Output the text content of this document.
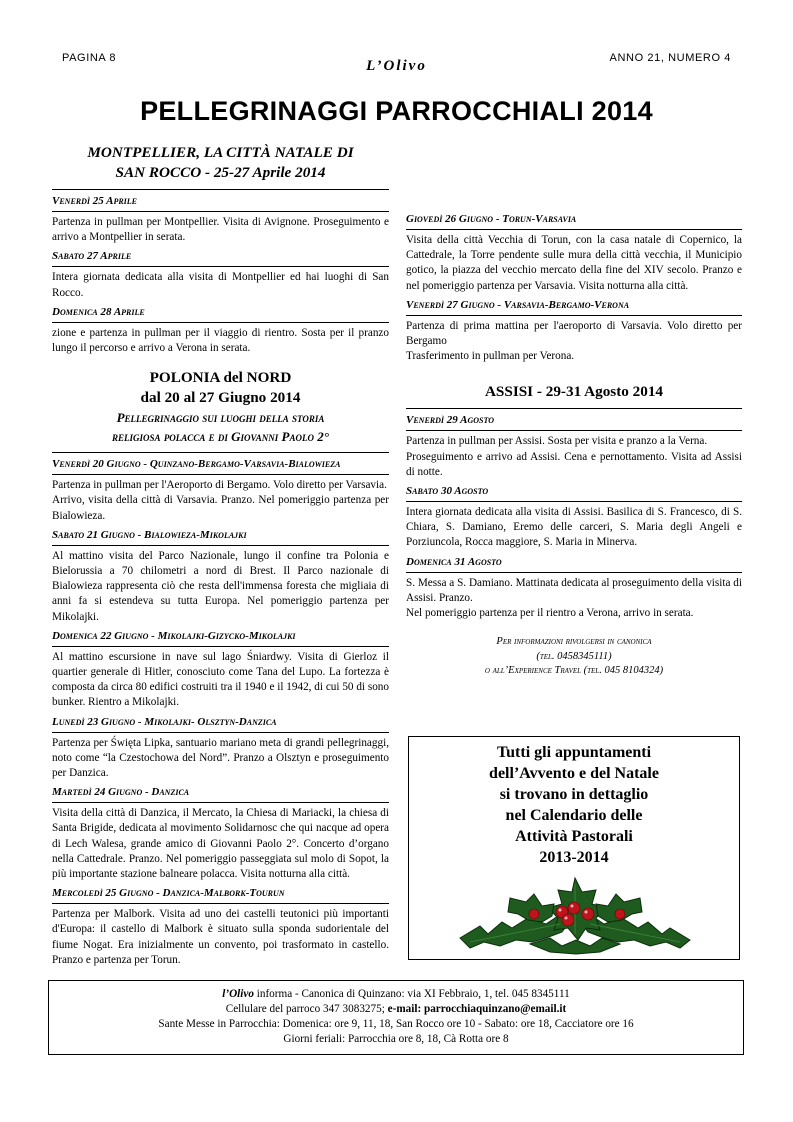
PAGINA 8	L’Olivo	ANNO 21, NUMERO 4
PELLEGRINAGGI PARROCCHIALI 2014
MONTPELLIER, LA CITTÀ NATALE DI
SAN ROCCO - 25-27 Aprile 2014
Venerdì 25 Aprile

Partenza in pullman per Montpellier. Visita di Avignone. Proseguimento e arrivo a Montpellier in serata.

Sabato 27 Aprile

Intera giornata dedicata alla visita di Montpellier ed hai luoghi di San Rocco.

Domenica 28 Aprile

zione e partenza in pullman per il viaggio di rientro. Sosta per il pranzo lungo il percorso e arrivo a Verona in serata.

POLONIA del NORD
dal 20 al 27 Giugno 2014
Pellegrinaggio sui luoghi della storia
religiosa polacca e di Giovanni Paolo 2°
Venerdì 20 Giugno - Quinzano-Bergamo-Varsavia-Bialowieza

Partenza in pullman per l'Aeroporto di Bergamo. Volo diretto per Varsavia.

Arrivo, visita della città di Varsavia. Pranzo. Nel pomeriggio partenza per Bialowieza.

Sabato 21 Giugno - Bialowieza-Mikolajki

Al mattino visita del Parco Nazionale, lungo il confine tra Polonia e Bielorussia a 70 chilometri a nord di Brest. Il Parco nazionale di Bialowieza rappresenta ciò che resta dell'immensa foresta che migliaia di anni fa si estendeva su tutta Europa. Nel pomeriggio partenza per Mikolajki.

Domenica 22 Giugno - Mikolajki-Gizycko-Mikolajki

Al mattino escursione in nave sul lago Śniardwy. Visita di Gierloz il quartier generale di Hitler, conosciuto come Tana del Lupo. La fortezza è composta da circa 80 edifici costruiti tra il 1940 e il 1942, di cui 50 di sono bunker. Rientro a Mikolajki.

Lunedì 23 Giugno - Mikolajki- Olsztyn-Danzica

Partenza per Święta Lipka, santuario mariano meta di grandi pellegrinaggi, noto come “la Czestochowa del Nord”. Pranzo a Olsztyn e proseguimento per Danzica.

Martedì 24 Giugno - Danzica

Visita della città di Danzica, il Mercato, la Chiesa di Mariacki, la chiesa di Santa Brigide, dedicata al movimento Solidarnosc che qui nacque ad opera di Lech Walesa, grande amico di Giovanni Paolo 2°. Concerto d’organo nella Cattedrale. Pranzo. Nel pomeriggio passeggiata sul molo di Sopot, la più importante stazione balneare polacca. Visita notturna alla città.

Mercoledì 25 Giugno - Danzica-Malbork-Tourun

Partenza per Malbork. Visita ad uno dei castelli teutonici più importanti d'Europa: il castello di Malbork è situato sulla sponda sudorientale del fiume Nogat. Era inizialmente un convento, poi trasformato in castello. Pranzo e partenza per Torun.

Giovedì 26 Giugno - Torun-Varsavia

Visita della città Vecchia di Torun, con la casa natale di Copernico, la Cattedrale, la Torre pendente sulle mura della città vecchia, il Municipio gotico, la piazza del vecchio mercato della fine del XIV secolo. Pranzo e nel pomeriggio partenza per Varsavia. Visita notturna alla città.

Venerdì 27 Giugno - Varsavia-Bergamo-Verona

Partenza di prima mattina per l'aeroporto di Varsavia. Volo diretto per Bergamo

Trasferimento in pullman per Verona.

ASSISI - 29-31 Agosto 2014
Venerdì 29 Agosto

Partenza in pullman per Assisi. Sosta per visita e pranzo a la Verna.

Proseguimento e arrivo ad Assisi. Cena e pernottamento. Visita ad Assisi di notte.

Sabato 30 Agosto

Intera giornata dedicata alla visita di Assisi. Basilica di S. Francesco, di S. Chiara, S. Damiano, Eremo delle carceri, S. Maria degli Angeli e Porziuncola, Rocca maggiore, S. Maria in Minerva.

Domenica 31 Agosto

S. Messa a S. Damiano. Mattinata dedicata al proseguimento della visita di Assisi. Pranzo.

Nel pomeriggio partenza per il rientro a Verona, arrivo in serata.

Per informazioni rivolgersi in canonica
(tel. 0458345111)
o all’Experience Travel (tel. 045 8104324)
Tutti gli appuntamenti
dell’Avvento e del Natale
si trovano in dettaglio
nel Calendario delle
Attività Pastorali
2013-2014
l’Olivo informa - Canonica di Quinzano: via XI Febbraio, 1, tel. 045 8345111
Cellulare del parroco 347 3083275; e-mail: parrocchiaquinzano@email.it
Sante Messe in Parrocchia: Domenica: ore 9, 11, 18, San Rocco ore 10 - Sabato: ore 18, Cacciatore ore 16
Giorni feriali: Parrocchia ore 8, 18, Cà Rotta ore 8
